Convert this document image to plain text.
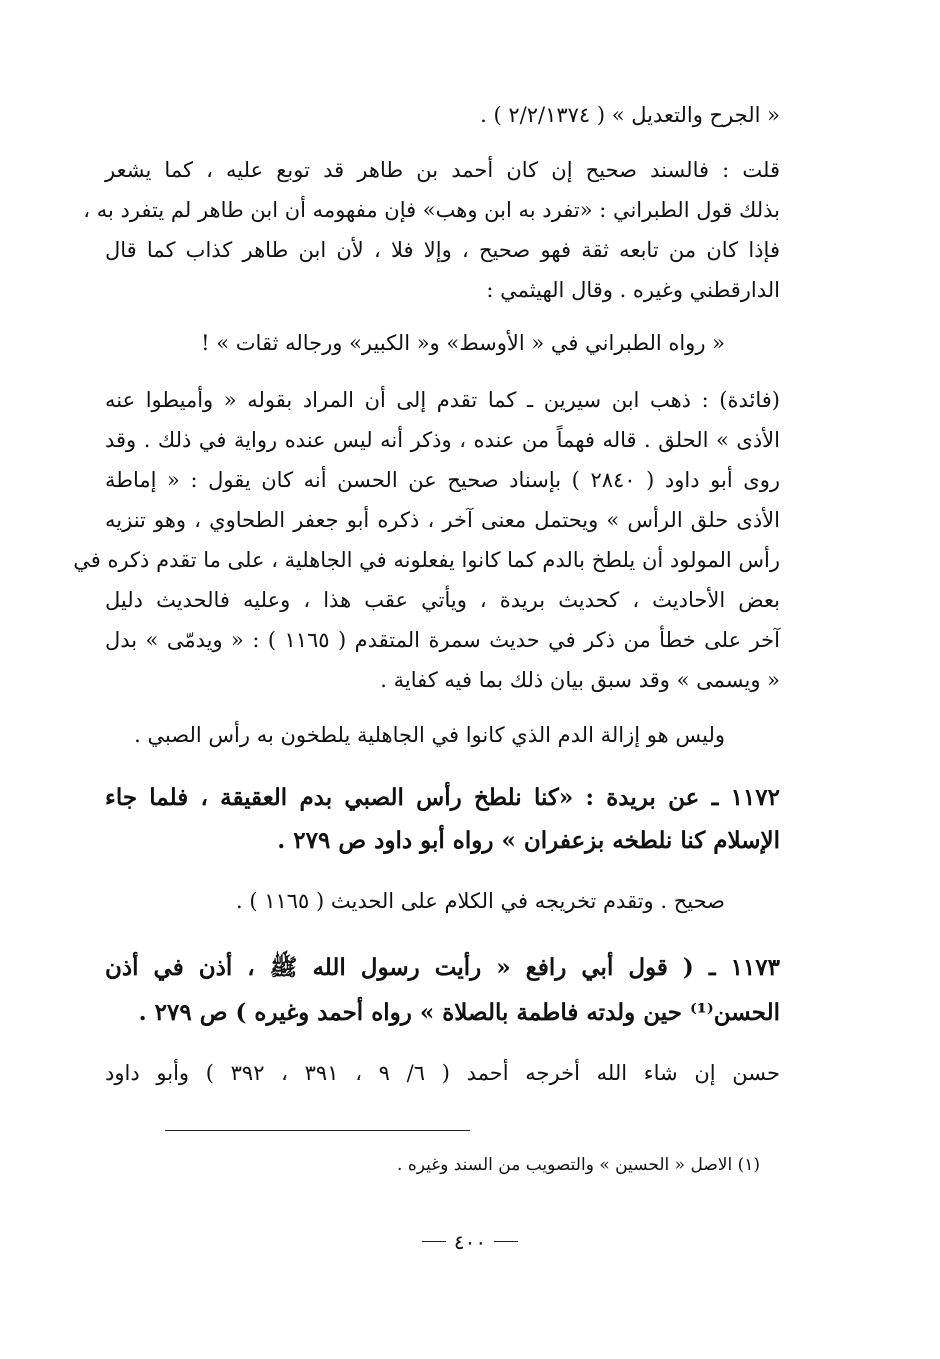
« الجرح والتعديل » ( ٢/٢/١٣٧٤ ) .
قلت : فالسند صحيح إن كان أحمد بن طاهر قد توبع عليه ، كما يشعر
بذلك قول الطبراني : «تفرد به ابن وهب» فإن مفهومه أن ابن طاهر لم يتفرد به ،
فإذا كان من تابعه ثقة فهو صحيح ، وإلا فلا ، لأن ابن طاهر كذاب كما قال
الدارقطني وغيره . وقال الهيثمي :
« رواه الطبراني في « الأوسط» و« الكبير» ورجاله ثقات » !
(فائدة) : ذهب ابن سيرين ـ كما تقدم إلى أن المراد بقوله « وأميطوا عنه
الأذى » الحلق . قاله فهماً من عنده ، وذكر أنه ليس عنده رواية في ذلك . وقد
روى أبو داود ( ٢٨٤٠ ) بإسناد صحيح عن الحسن أنه كان يقول : « إماطة
الأذى حلق الرأس » ويحتمل معنى آخر ، ذكره أبو جعفر الطحاوي ، وهو تنزيه
رأس المولود أن يلطخ بالدم كما كانوا يفعلونه في الجاهلية ، على ما تقدم ذكره في
بعض الأحاديث ، كحديث بريدة ، ويأتي عقب هذا ، وعليه فالحديث دليل
آخر على خطأ من ذكر في حديث سمرة المتقدم ( ١١٦٥ ) : « ويدمّى » بدل
« ويسمى » وقد سبق بيان ذلك بما فيه كفاية .
وليس هو إزالة الدم الذي كانوا في الجاهلية يلطخون به رأس الصبي .
١١٧٢ ـ عن بريدة : «كنا نلطخ رأس الصبي بدم العقيقة ، فلما جاء
الإسلام كنا نلطخه بزعفران » رواه أبو داود ص ٢٧٩ .
صحيح . وتقدم تخريجه في الكلام على الحديث ( ١١٦٥ ) .
١١٧٣ ـ ( قول أبي رافع « رأيت رسول الله ﷺ ، أذن في أذن
الحسن⁽¹⁾ حين ولدته فاطمة بالصلاة » رواه أحمد وغيره ) ص ٢٧٩ .
حسن إن شاء الله أخرجه أحمد ( ٦/ ٩ ، ٣٩١ ، ٣٩٢ ) وأبو داود
(١) الاصل « الحسين » والتصويب من السند وغيره .
٤٠٠
